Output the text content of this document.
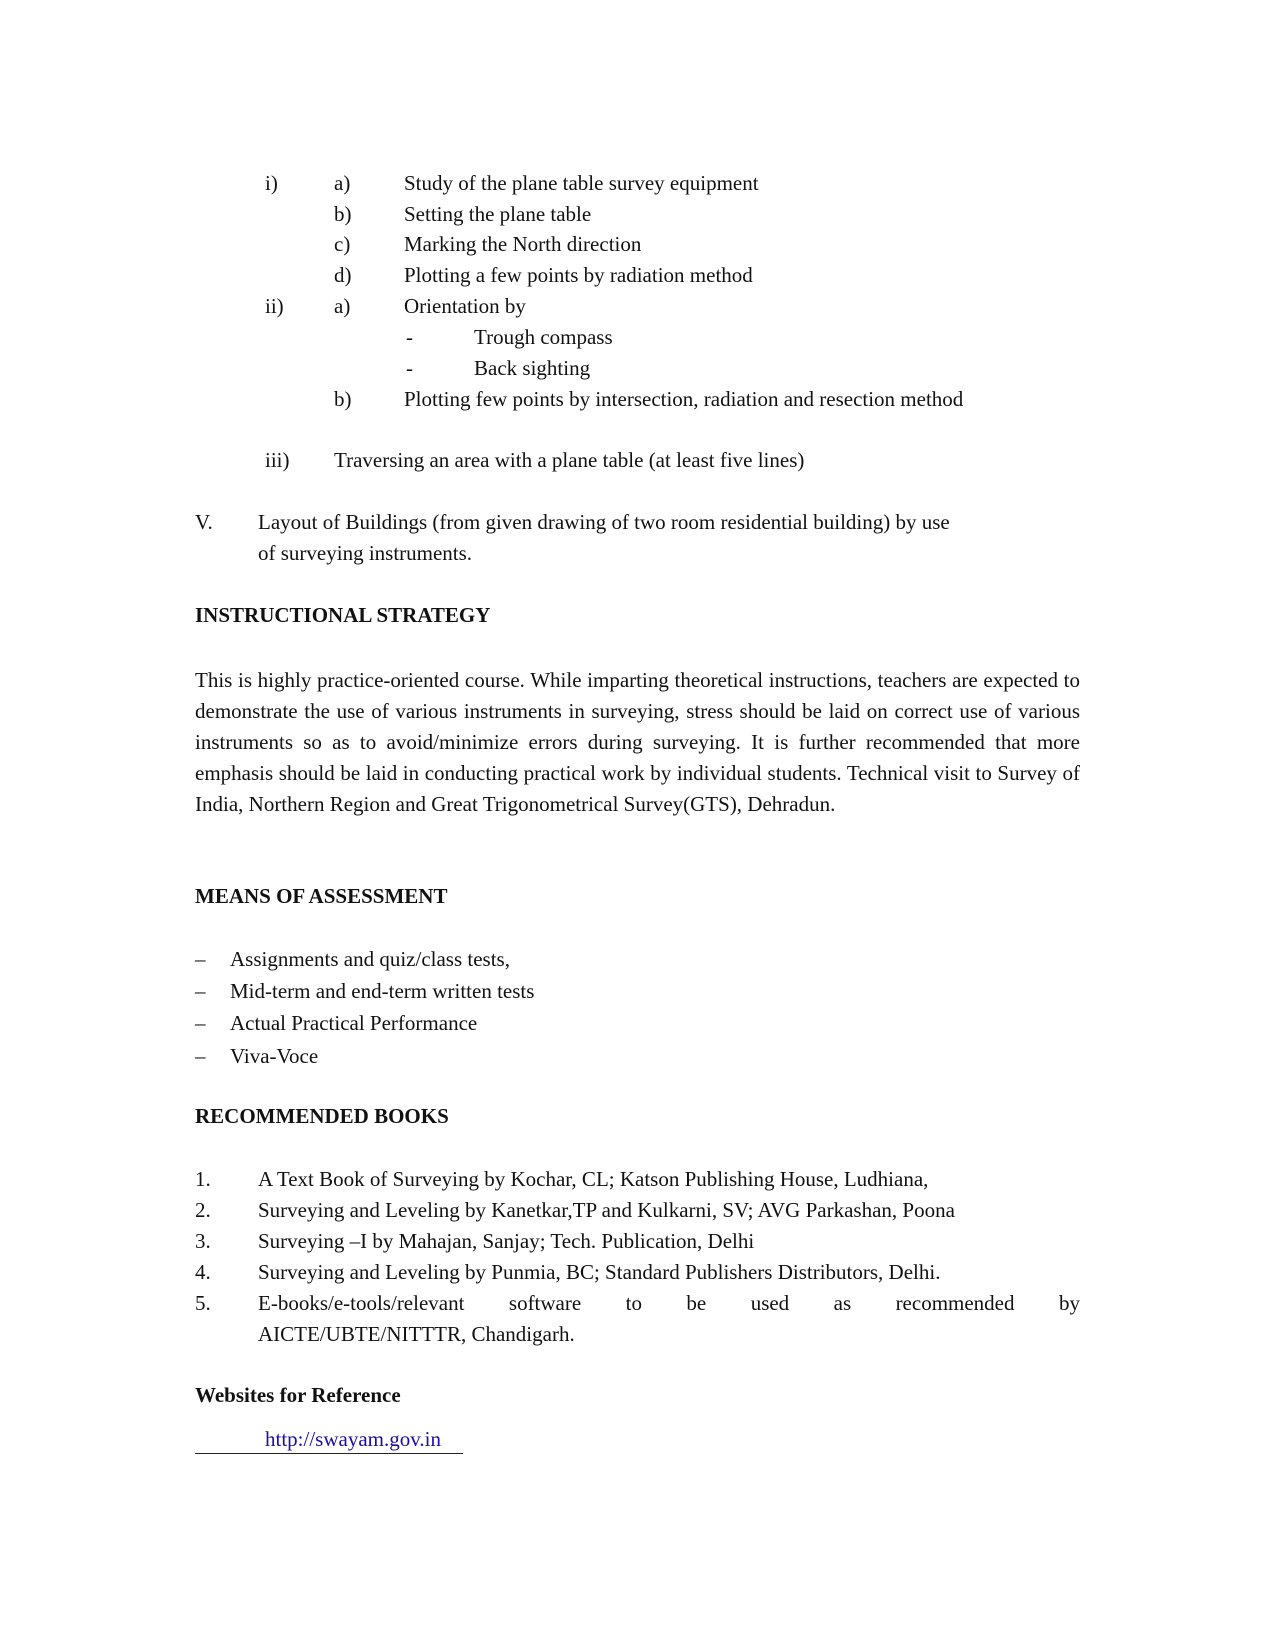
i)	a)	Study of the plane table survey equipment
b)	Setting the plane table
c)	Marking the North direction
d)	Plotting a few points by radiation method
ii) a)	Orientation by
-	Trough compass
-	Back sighting
b)	Plotting few points by intersection, radiation and resection method
iii) Traversing an area with a plane table (at least five lines)
V. Layout of Buildings (from given drawing of two room residential building) by use
of surveying instruments.
INSTRUCTIONAL STRATEGY
This is highly practice-oriented course. While imparting theoretical instructions, teachers are expected to demonstrate the use of various instruments in surveying, stress should be laid on correct use of various instruments so as to avoid/minimize errors during surveying. It is further recommended that more emphasis should be laid in conducting practical work by individual students. Technical visit to Survey of India, Northern Region and Great Trigonometrical Survey(GTS), Dehradun.
MEANS OF ASSESSMENT
– Assignments and quiz/class tests,
– Mid-term and end-term written tests
– Actual Practical Performance
– Viva-Voce
RECOMMENDED BOOKS
1. A Text Book of Surveying by Kochar, CL; Katson Publishing House, Ludhiana,
2. Surveying and Leveling by Kanetkar,TP and Kulkarni, SV; AVG Parkashan, Poona
3. Surveying –I by Mahajan, Sanjay; Tech. Publication, Delhi
4. Surveying and Leveling by Punmia, BC; Standard Publishers Distributors, Delhi.
5. E-books/e-tools/relevant software to be used as recommended by
AICTE/UBTE/NITTTR, Chandigarh.
Websites for Reference
http://swayam.gov.in
